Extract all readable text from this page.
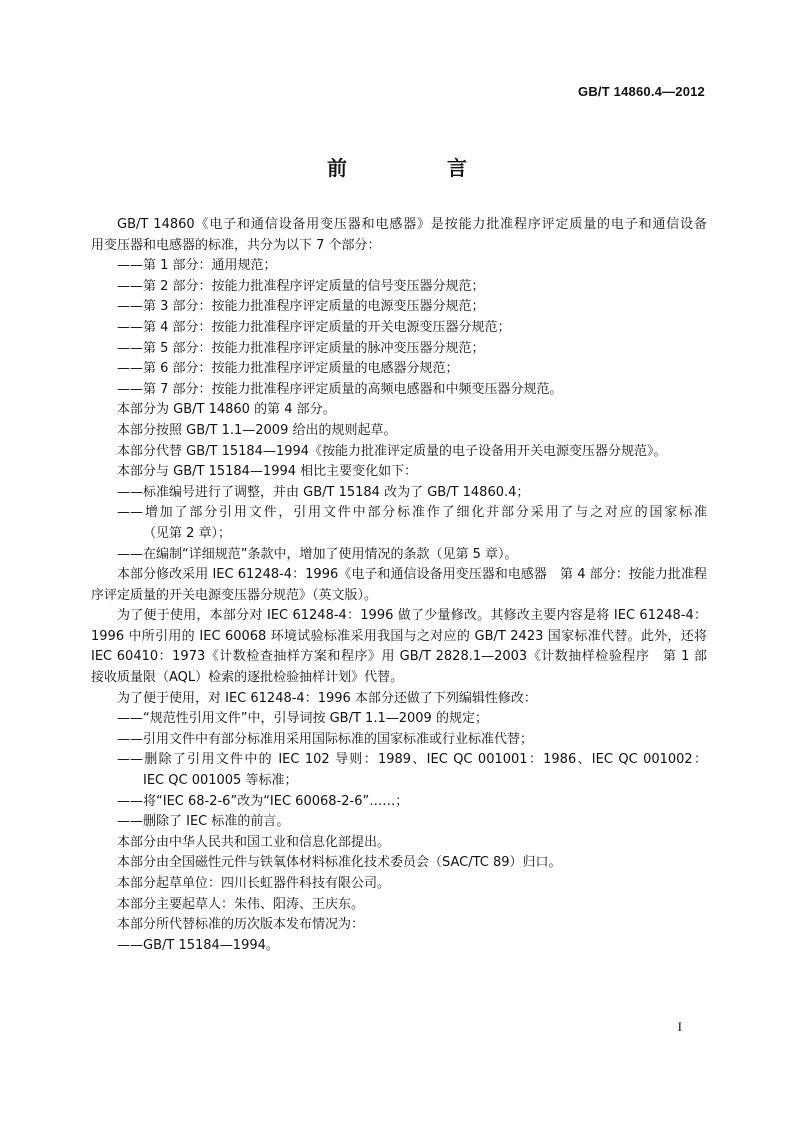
GB/T 14860.4—2012
前　言
GB/T 14860《电子和通信设备用变压器和电感器》是按能力批准程序评定质量的电子和通信设备
用变压器和电感器的标准，共分为以下 7 个部分：
——第 1 部分：通用规范；
——第 2 部分：按能力批准程序评定质量的信号变压器分规范；
——第 3 部分：按能力批准程序评定质量的电源变压器分规范；
——第 4 部分：按能力批准程序评定质量的开关电源变压器分规范；
——第 5 部分：按能力批准程序评定质量的脉冲变压器分规范；
——第 6 部分：按能力批准程序评定质量的电感器分规范；
——第 7 部分：按能力批准程序评定质量的高频电感器和中频变压器分规范。
本部分为 GB/T 14860 的第 4 部分。
本部分按照 GB/T 1.1—2009 给出的规则起草。
本部分代替 GB/T 15184—1994《按能力批准评定质量的电子设备用开关电源变压器分规范》。
本部分与 GB/T 15184—1994 相比主要变化如下：
——标准编号进行了调整，并由 GB/T 15184 改为了 GB/T 14860.4；
——增加了部分引用文件，引用文件中部分标准作了细化并部分采用了与之对应的国家标准
（见第 2 章）；
——在编制“详细规范”条款中，增加了使用情况的条款（见第 5 章）。
本部分修改采用 IEC 61248-4：1996《电子和通信设备用变压器和电感器　第 4 部分：按能力批准程
序评定质量的开关电源变压器分规范》（英文版）。
为了便于使用，本部分对 IEC 61248-4：1996 做了少量修改。其修改主要内容是将 IEC 61248-4：
1996 中所引用的 IEC 60068 环境试验标准采用我国与之对应的 GB/T 2423 国家标准代替。此外，还将
IEC 60410：1973《计数检查抽样方案和程序》用 GB/T 2828.1—2003《计数抽样检验程序　第 1 部
接收质量限（AQL）检索的逐批检验抽样计划》代替。
为了便于使用，对 IEC 61248-4：1996 本部分还做了下列编辑性修改：
——“规范性引用文件”中，引导词按 GB/T 1.1—2009 的规定；
——引用文件中有部分标准用采用国际标准的国家标准或行业标准代替；
——删除了引用文件中的 IEC 102 导则：1989、IEC QC 001001：1986、IEC QC 001002：
IEC QC 001005 等标准；
——将“IEC 68-2-6”改为“IEC 60068-2-6”……；
——删除了 IEC 标准的前言。
本部分由中华人民共和国工业和信息化部提出。
本部分由全国磁性元件与铁氧体材料标准化技术委员会（SAC/TC 89）归口。
本部分起草单位：四川长虹器件科技有限公司。
本部分主要起草人：朱伟、阳涛、王庆东。
本部分所代替标准的历次版本发布情况为：
——GB/T 15184—1994。
I
